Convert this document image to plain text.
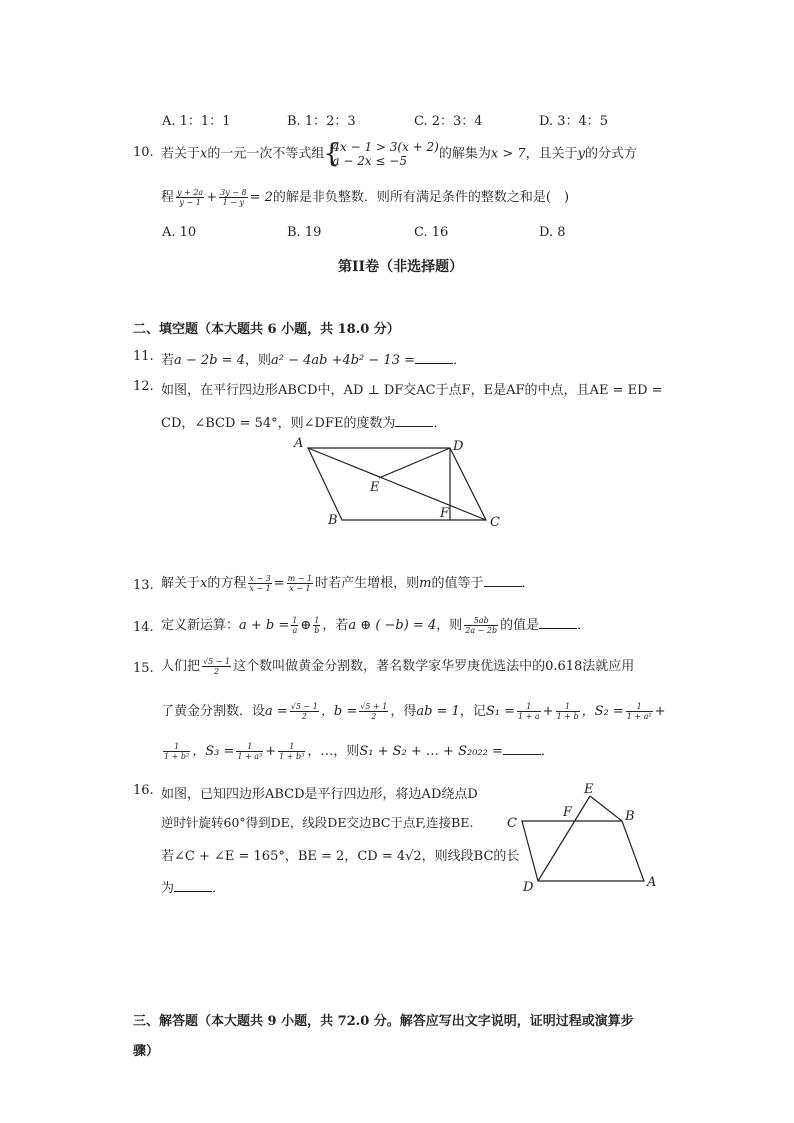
A. 1：1：1	B. 1：2：3	C. 2：3：4	D. 3：4：5
10. 若关于x的一元一次不等式组
{ 4x − 1 > 3(x + 2)
a − 2x ≤ −5	的解集为x > 7，且关于y的分式方
程 $\frac{y + 2a}{y - 1} + \frac{3y - 8}{1 - y} = 2$的解是非负整数．则所有满足条件的整数之和是(　)
A. 10	B. 19	C. 16	D. 8
第II卷（非选择题）
二、填空题（本大题共 6 小题，共 18.0 分）
11. 若a − 2b = 4，则a² − 4ab +4b² − 13 =	．
12. 如图，在平行四边形ABCD中，AD ⊥ DF交AC于点F，E是AF的中点，且AE = ED =
CD，∠BCD = 54°，则∠DFE的度数为	．
A	D
E
B	F
C
13. 解关于x的方程 $\frac{x - 3}{x - 1} = \frac{m - 1}{x - 1}$ 时若产生增根，则m的值等于	．
14. 定义新运算：$a + b = \frac{1}{a}$ ⊕ $\frac{1}{b}$ ，若a ⊕ ( −b) = 4，则 $\frac{5ab}{2a - 2b}$ 的值是	．
15. 人们把 $\frac{√5 - 1}{2}$ 这个数叫做黄金分割数，著名数学家华罗庚优选法中的0.618法就应用
了黄金分割数．设$a = \frac{√5 - 1}{2}$ ，$b = \frac{√5 + 1}{2}$ ，得ab = 1，记$S_1 = \frac{1}{1 + a} + \frac{1}{1 + b}$ ，$S_2 = \frac{1}{\text{1 + a²}}$ +
$\frac{1}{\text{1 + b²}}$ ，$S_3 = \frac{1}{\text{1 + a³}} + \frac{1}{\text{1 + b³}}$ ，…，则S₁ + S₂ + … + S₂₀₂₂ =	．
16. 如图，已知四边形ABCD是平行四边形，将边AD绕点D
逆时针旋转60°得到DE，线段DE交边BC于点F,连接BE.
若∠C + ∠E = 165°，BE = 2，CD = 4√2，则线段BC的长
为	．
E
F
C	B
D	A
三、解答题（本大题共 9 小题，共 72.0 分。解答应写出文字说明，证明过程或演算步
骤）
